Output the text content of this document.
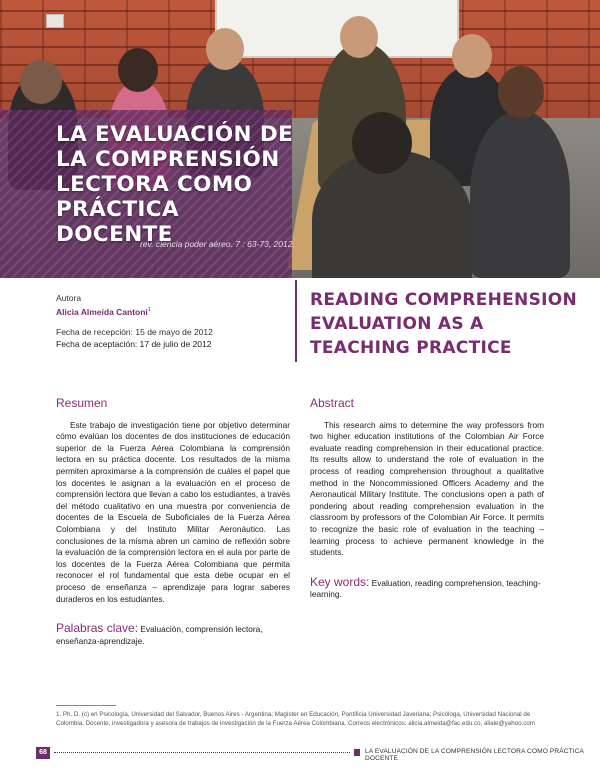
LA EVALUACIÓN DE
LA COMPRENSIÓN
LECTORA COMO
PRÁCTICA DOCENTE
rev. ciencia poder aéreo. 7 : 63-73, 2012.
Autora
Alicia Almeida Cantoni$^1$
Fecha de recepción: 15 de mayo de 2012
Fecha de aceptación: 17 de julio de 2012
READING COMPREHENSION
EVALUATION AS A
TEACHING PRACTICE
Resumen

Este trabajo de investigación tiene por objetivo determinar cómo evalúan los docentes de dos instituciones de educación superior de la Fuerza Aérea Colombiana la comprensión lectora en su práctica docente. Los resultados de la misma permiten aproximarse a la comprensión de cuáles el papel que los docentes le asignan a la evaluación en el proceso de comprensión lectora que llevan a cabo los estudiantes, a través del método cualitativo en una muestra por conveniencia de docentes de la Escuela de Suboficiales de la Fuerza Aérea Colombiana y del Instituto Militar Aeronáutico. Las conclusiones de la misma abren un camino de reflexión sobre la evaluación de la comprensión lectora en el aula por parte de los docentes de la Fuerza Aérea Colombiana que permita reconocer el rol fundamental que esta debe ocupar en el proceso de enseñanza – aprendizaje para lograr saberes duraderos en los estudiantes.

Palabras clave: Evaluación, comprensión lectora, enseñanza-aprendizaje.
Abstract

This research aims to determine the way professors from two higher education institutions of the Colombian Air Force evaluate reading comprehension in their educational practice. Its results allow to understand the role of evaluation in the process of reading comprehension throughout a qualitative method in the Noncommissioned Officers Academy and the Aeronautical Military Institute. The conclusions open a path of pondering about reading comprehension evaluation in the classroom by professors of the Colombian Air Force. It permits to recognize the basic role of evaluation in the teaching – learning process to achieve permanent knowledge in the students.

Key words: Evaluation, reading comprehension, teaching-learning.
1. Ph. D. (c) en Psicología, Universidad del Salvador, Buenos Aires - Argentina; Magíster en Educación, Pontificia Universidad Javeriana; Psicóloga, Universidad Nacional de Colombia. Docente, investigadora y asesora de trabajos de investigación de la Fuerza Aérea Colombiana. Correos electrónicos: alicia.almeida@fac.edu.co, aliale@yahoo.com
68	LA EVALUACIÓN DE LA COMPRENSIÓN LECTORA COMO PRÁCTICA DOCENTE
